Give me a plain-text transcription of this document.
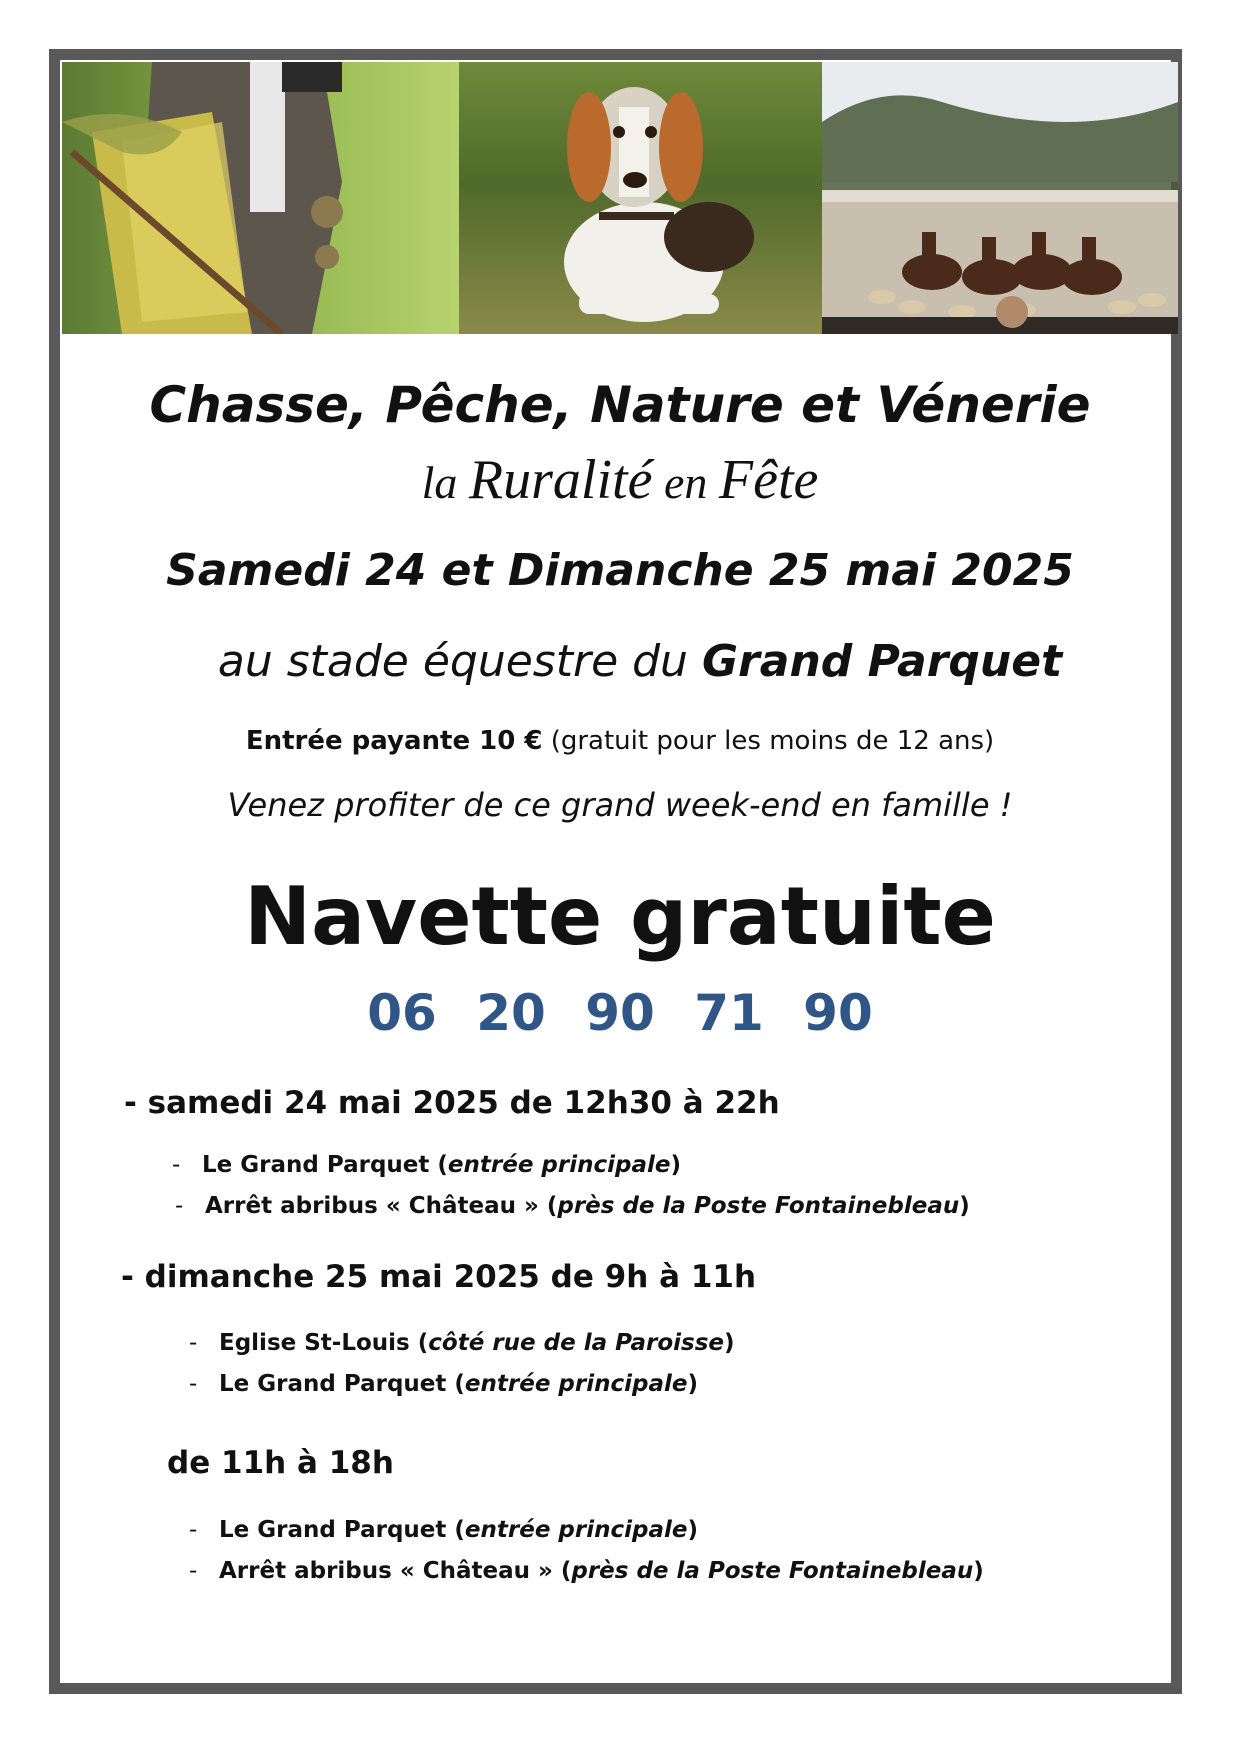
Chasse, Pêche, Nature et Vénerie
la Ruralité en Fête
Samedi 24 et Dimanche 25 mai 2025
au stade équestre du Grand Parquet
Entrée payante 10 € (gratuit pour les moins de 12 ans)
Venez profiter de ce grand week-end en famille !
Navette gratuite
06 20 90 71 90
- samedi 24 mai 2025 de 12h30 à 22h
- Le Grand Parquet (entrée principale)
- Arrêt abribus « Château » (près de la Poste Fontainebleau)
- dimanche 25 mai 2025 de 9h à 11h
- Eglise St-Louis (côté rue de la Paroisse)
- Le Grand Parquet (entrée principale)
de 11h à 18h
- Le Grand Parquet (entrée principale)
- Arrêt abribus « Château » (près de la Poste Fontainebleau)
